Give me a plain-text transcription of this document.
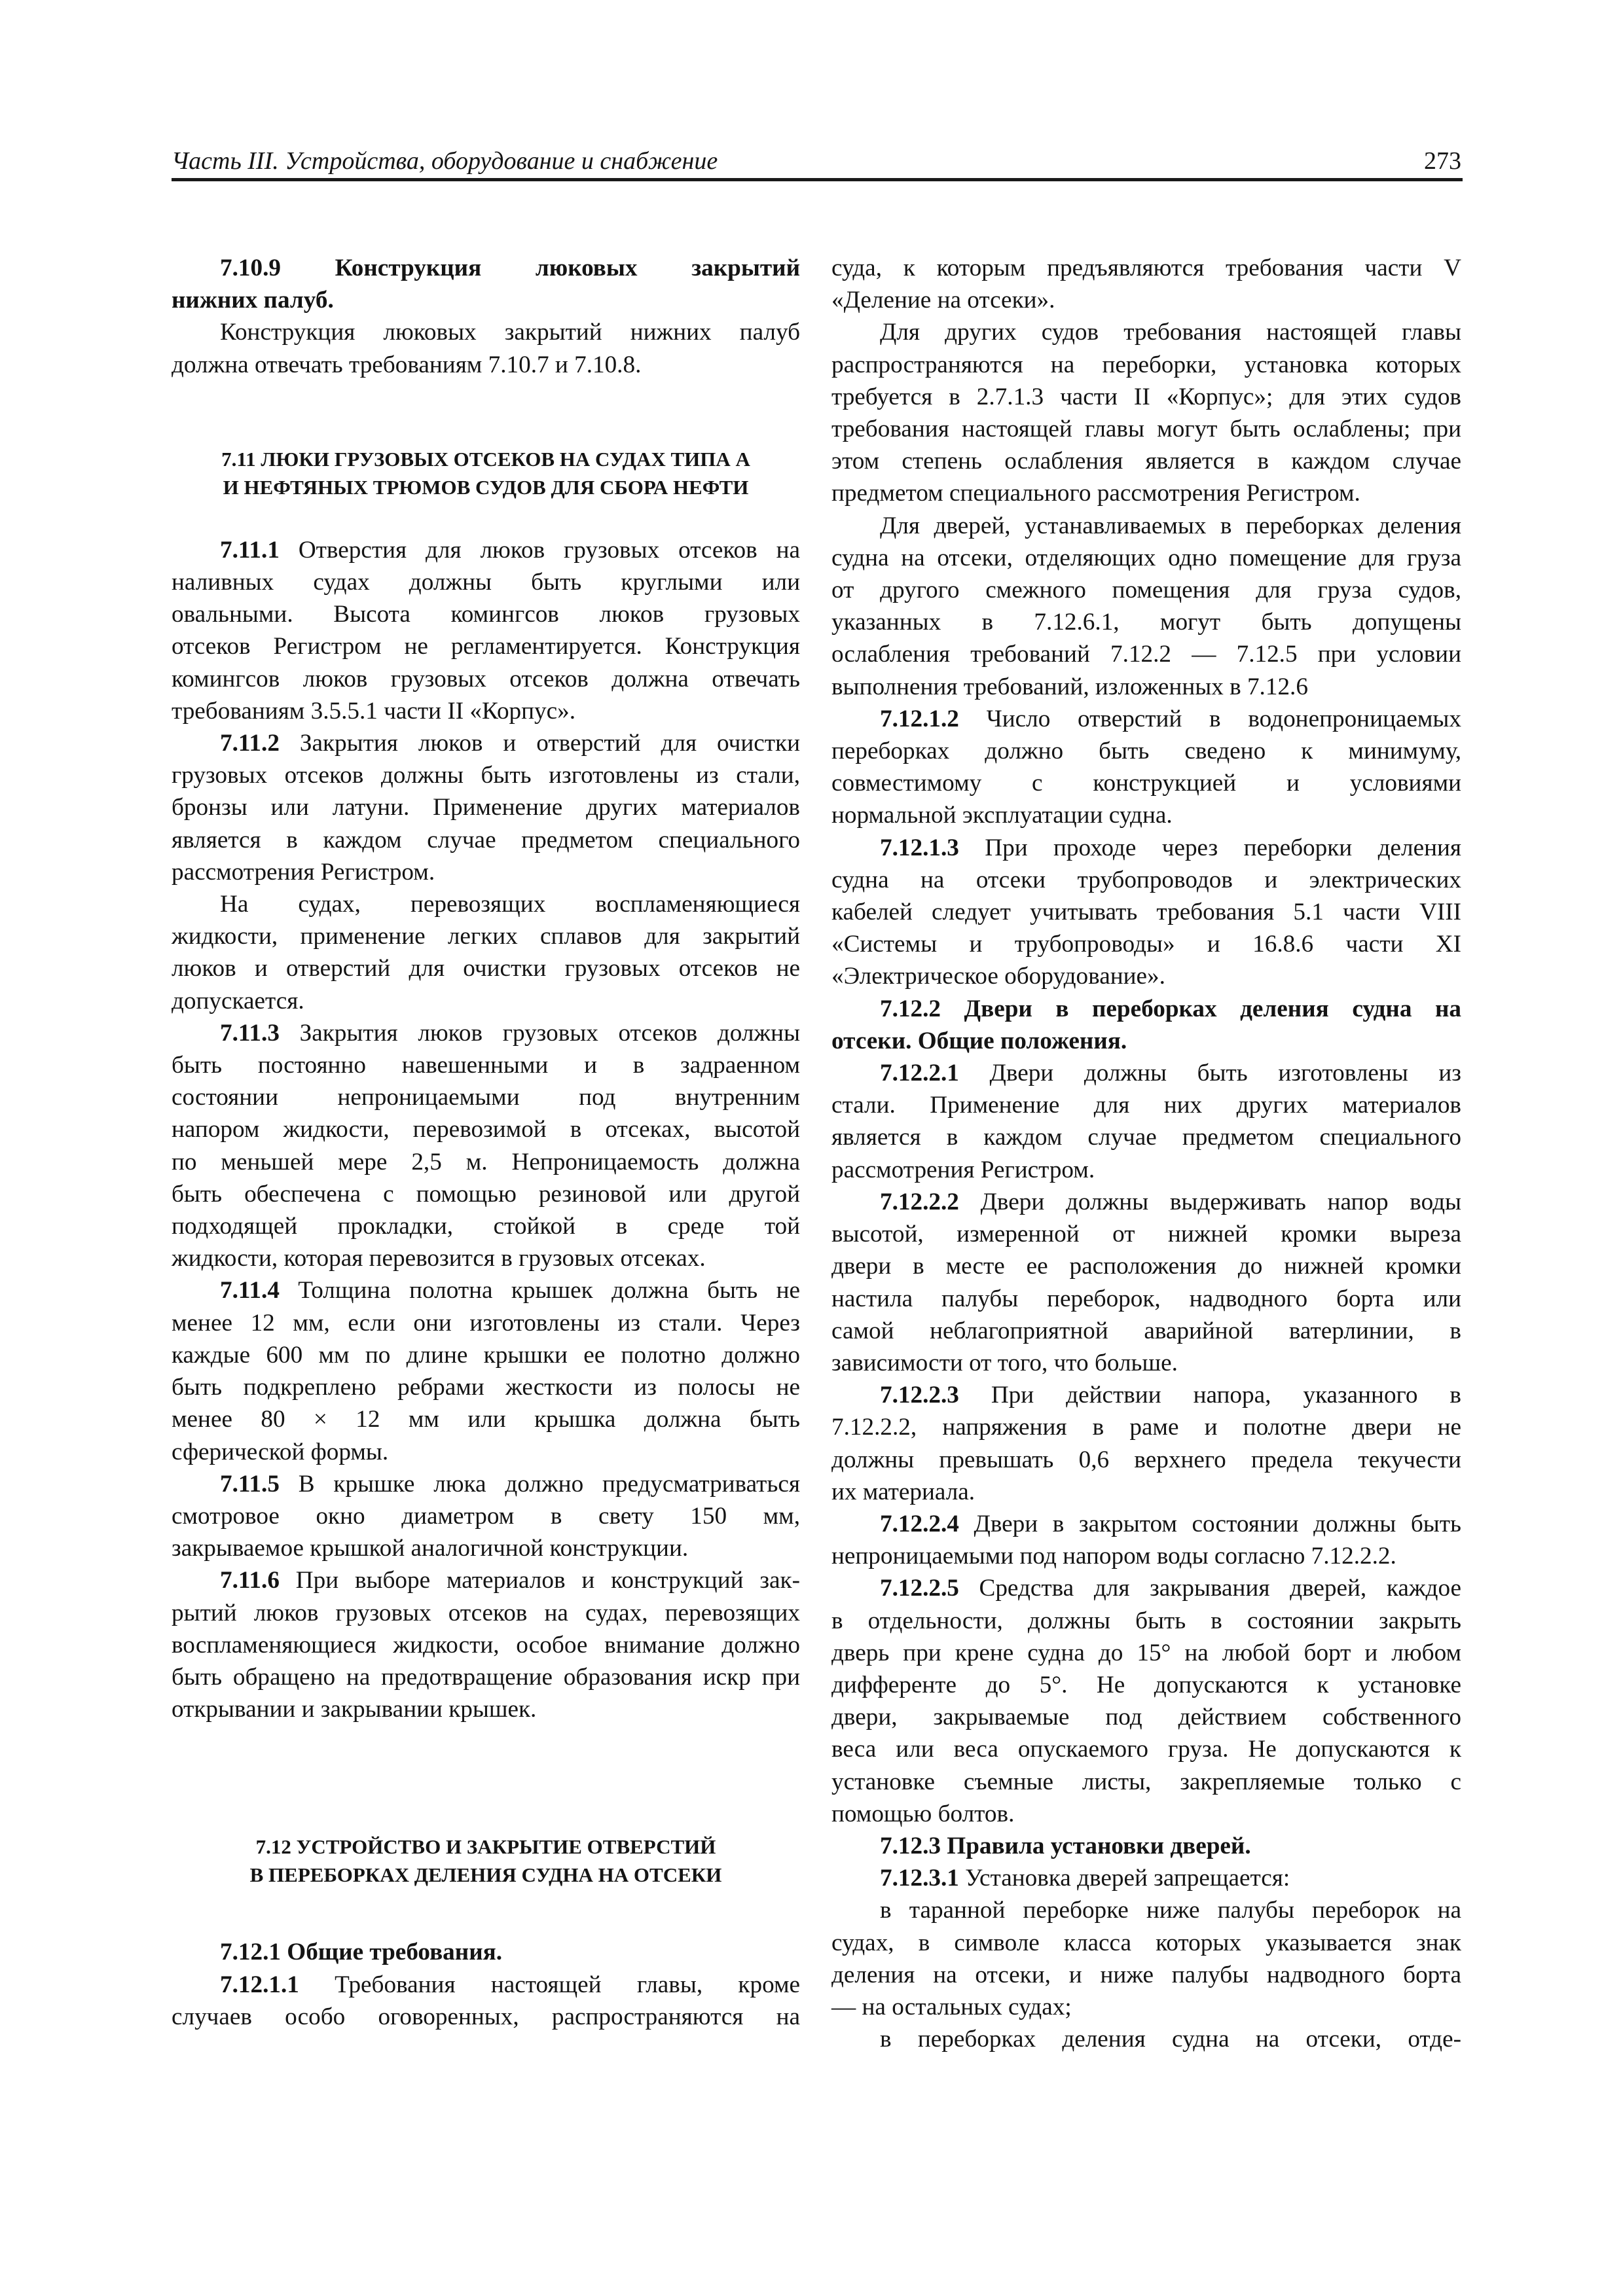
Часть III. Устройства, оборудование и снабжение	273

7.10.9 Конструкция люковых закрытий
нижних палуб.

Конструкция люковых закрытий нижних палуб
должна отвечать требованиям 7.10.7 и 7.10.8.

7.11 ЛЮКИ ГРУЗОВЫХ ОТСЕКОВ НА СУДАХ ТИПА А
И НЕФТЯНЫХ ТРЮМОВ СУДОВ ДЛЯ СБОРА НЕФТИ

7.11.1 Отверстия для люков грузовых отсеков на
наливных судах должны быть круглыми или
овальными. Высота комингсов люков грузовых
отсеков Регистром не регламентируется. Конструкция
комингсов люков грузовых отсеков должна отвечать
требованиям 3.5.5.1 части II «Корпус».

7.11.2 Закрытия люков и отверстий для очистки
грузовых отсеков должны быть изготовлены из стали,
бронзы или латуни. Применение других материалов
является в каждом случае предметом специального
рассмотрения Регистром.

На судах, перевозящих воспламеняющиеся
жидкости, применение легких сплавов для закрытий
люков и отверстий для очистки грузовых отсеков не
допускается.

7.11.3 Закрытия люков грузовых отсеков должны
быть постоянно навешенными и в задраенном
состоянии непроницаемыми под внутренним
напором жидкости, перевозимой в отсеках, высотой
по меньшей мере 2,5 м. Непроницаемость должна
быть обеспечена с помощью резиновой или другой
подходящей прокладки, стойкой в среде той
жидкости, которая перевозится в грузовых отсеках.

7.11.4 Толщина полотна крышек должна быть не
менее 12 мм, если они изготовлены из стали. Через
каждые 600 мм по длине крышки ее полотно должно
быть подкреплено ребрами жесткости из полосы не
менее 80 × 12 мм или крышка должна быть
сферической формы.

7.11.5 В крышке люка должно предусматриваться
смотровое окно диаметром в свету 150 мм,
закрываемое крышкой аналогичной конструкции.

7.11.6 При выборе материалов и конструкций зак-
рытий люков грузовых отсеков на судах, перевозящих
воспламеняющиеся жидкости, особое внимание должно
быть обращено на предотвращение образования искр при
открывании и закрывании крышек.

7.12 УСТРОЙСТВО И ЗАКРЫТИЕ ОТВЕРСТИЙ
В ПЕРЕБОРКАХ ДЕЛЕНИЯ СУДНА НА ОТСЕКИ

7.12.1 Общие требования.

7.12.1.1 Требования настоящей главы, кроме
случаев особо оговоренных, распространяются на

суда, к которым предъявляются требования части V
«Деление на отсеки».

Для других судов требования настоящей главы
распространяются на переборки, установка которых
требуется в 2.7.1.3 части II «Корпус»; для этих судов
требования настоящей главы могут быть ослаблены; при
этом степень ослабления является в каждом случае
предметом специального рассмотрения Регистром.

Для дверей, устанавливаемых в переборках деления
судна на отсеки, отделяющих одно помещение для груза
от другого смежного помещения для груза судов,
указанных в 7.12.6.1, могут быть допущены
ослабления требований 7.12.2 — 7.12.5 при условии
выполнения требований, изложенных в 7.12.6

7.12.1.2 Число отверстий в водонепроницаемых
переборках должно быть сведено к минимуму,
совместимому с конструкцией и условиями
нормальной эксплуатации судна.

7.12.1.3 При проходе через переборки деления
судна на отсеки трубопроводов и электрических
кабелей следует учитывать требования 5.1 части VIII
«Системы и трубопроводы» и 16.8.6 части XI
«Электрическое оборудование».

7.12.2 Двери в переборках деления судна на
отсеки. Общие положения.

7.12.2.1 Двери должны быть изготовлены из
стали. Применение для них других материалов
является в каждом случае предметом специального
рассмотрения Регистром.

7.12.2.2 Двери должны выдерживать напор воды
высотой, измеренной от нижней кромки выреза
двери в месте ее расположения до нижней кромки
настила палубы переборок, надводного борта или
самой неблагоприятной аварийной ватерлинии, в
зависимости от того, что больше.

7.12.2.3 При действии напора, указанного в
7.12.2.2, напряжения в раме и полотне двери не
должны превышать 0,6 верхнего предела текучести
их материала.

7.12.2.4 Двери в закрытом состоянии должны быть
непроницаемыми под напором воды согласно 7.12.2.2.

7.12.2.5 Средства для закрывания дверей, каждое
в отдельности, должны быть в состоянии закрыть
дверь при крене судна до 15° на любой борт и любом
дифференте до 5°. Не допускаются к установке
двери, закрываемые под действием собственного
веса или веса опускаемого груза. Не допускаются к
установке съемные листы, закрепляемые только с
помощью болтов.

7.12.3 Правила установки дверей.

7.12.3.1 Установка дверей запрещается:

в таранной переборке ниже палубы переборок на
судах, в символе класса которых указывается знак
деления на отсеки, и ниже палубы надводного борта
— на остальных судах;

в переборках деления судна на отсеки, отде-
